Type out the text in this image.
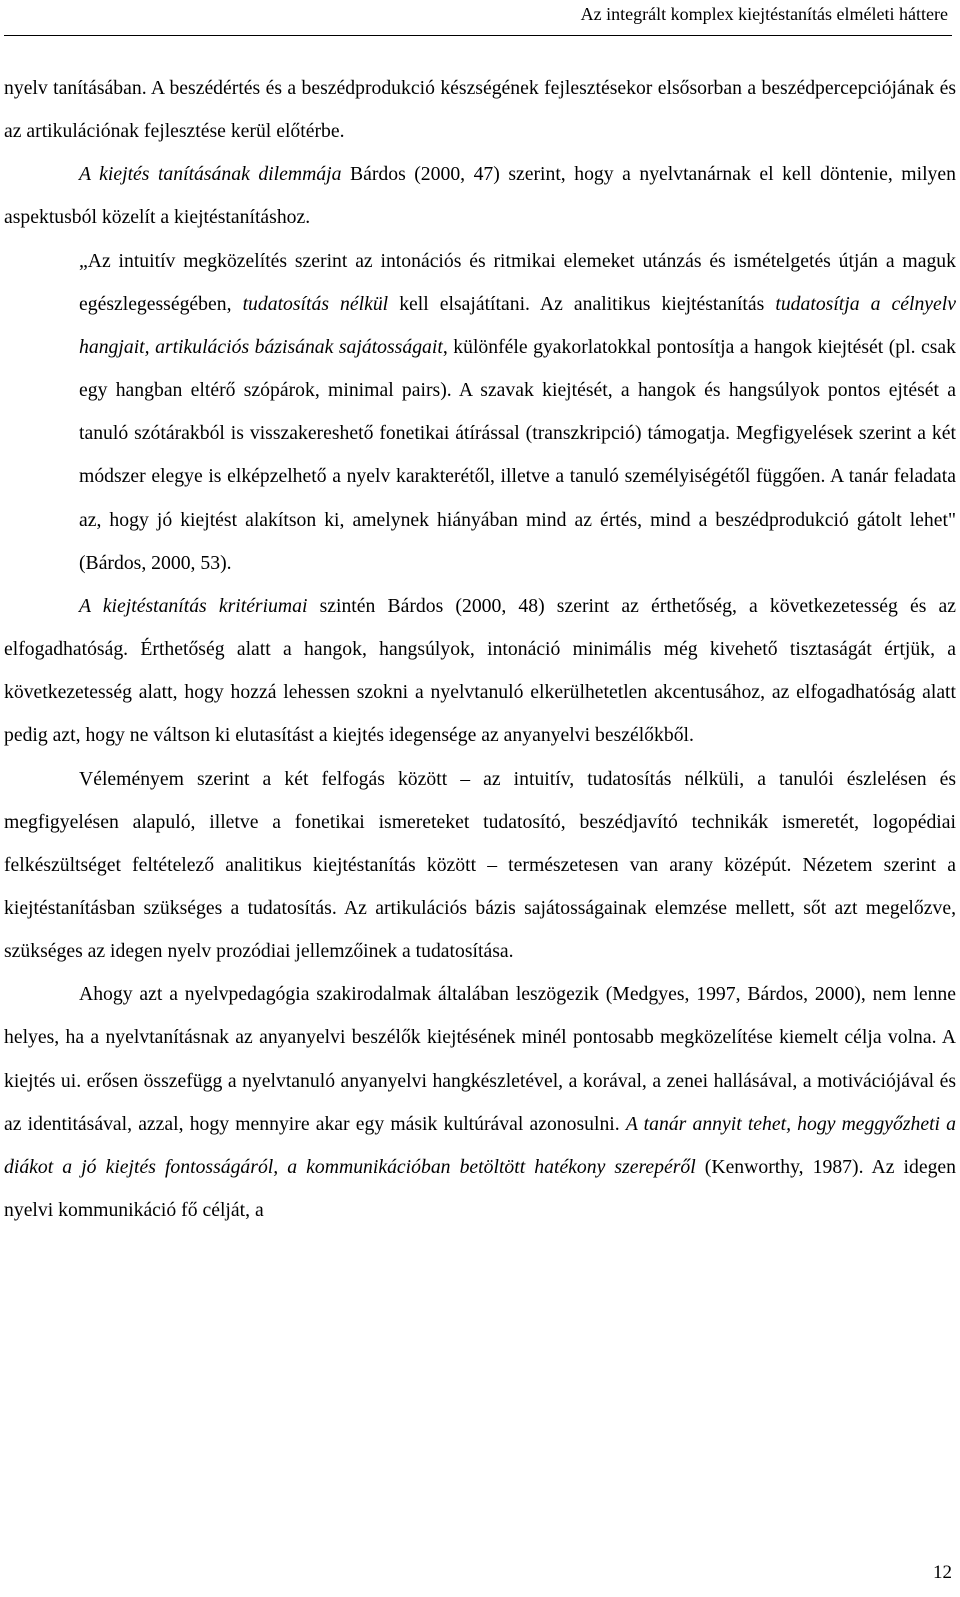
Az integrált komplex kiejtéstanítás elméleti háttere

nyelv tanításában. A beszédértés és a beszédprodukció készségének fejlesztésekor elsősorban a beszédpercepciójának és az artikulációnak fejlesztése kerül előtérbe.

A kiejtés tanításának dilemmája Bárdos (2000, 47) szerint, hogy a nyelvtanárnak el kell döntenie, milyen aspektusból közelít a kiejtéstanításhoz.

„Az intuitív megközelítés szerint az intonációs és ritmikai elemeket utánzás és ismételgetés útján a maguk egészlegességében, tudatosítás nélkül kell elsajátítani. Az analitikus kiejtéstanítás tudatosítja a célnyelv hangjait, artikulációs bázisának sajátosságait, különféle gyakorlatokkal pontosítja a hangok kiejtését (pl. csak egy hangban eltérő szópárok, minimal pairs). A szavak kiejtését, a hangok és hangsúlyok pontos ejtését a tanuló szótárakból is visszakereshető fonetikai átírással (transzkripció) támogatja. Megfigyelések szerint a két módszer elegye is elképzelhető a nyelv karakterétől, illetve a tanuló személyiségétől függően. A tanár feladata az, hogy jó kiejtést alakítson ki, amelynek hiányában mind az értés, mind a beszédprodukció gátolt lehet" (Bárdos, 2000, 53).

A kiejtéstanítás kritériumai szintén Bárdos (2000, 48) szerint az érthetőség, a következetesség és az elfogadhatóság. Érthetőség alatt a hangok, hangsúlyok, intonáció minimális még kivehető tisztaságát értjük, a következetesség alatt, hogy hozzá lehessen szokni a nyelvtanuló elkerülhetetlen akcentusához, az elfogadhatóság alatt pedig azt, hogy ne váltson ki elutasítást a kiejtés idegensége az anyanyelvi beszélőkből.

Véleményem szerint a két felfogás között – az intuitív, tudatosítás nélküli, a tanulói észlelésen és megfigyelésen alapuló, illetve a fonetikai ismereteket tudatosító, beszédjavító technikák ismeretét, logopédiai felkészültséget feltételező analitikus kiejtéstanítás között – természetesen van arany középút. Nézetem szerint a kiejtéstanításban szükséges a tudatosítás. Az artikulációs bázis sajátosságainak elemzése mellett, sőt azt megelőzve, szükséges az idegen nyelv prozódiai jellemzőinek a tudatosítása.

Ahogy azt a nyelvpedagógia szakirodalmak általában leszögezik (Medgyes, 1997, Bárdos, 2000), nem lenne helyes, ha a nyelvtanításnak az anyanyelvi beszélők kiejtésének minél pontosabb megközelítése kiemelt célja volna. A kiejtés ui. erősen összefügg a nyelvtanuló anyanyelvi hangkészletével, a korával, a zenei hallásával, a motivációjával és az identitásával, azzal, hogy mennyire akar egy másik kultúrával azonosulni. A tanár annyit tehet, hogy meggyőzheti a diákot a jó kiejtés fontosságáról, a kommunikációban betöltött hatékony szerepéről (Kenworthy, 1987). Az idegen nyelvi kommunikáció fő célját, a

12
